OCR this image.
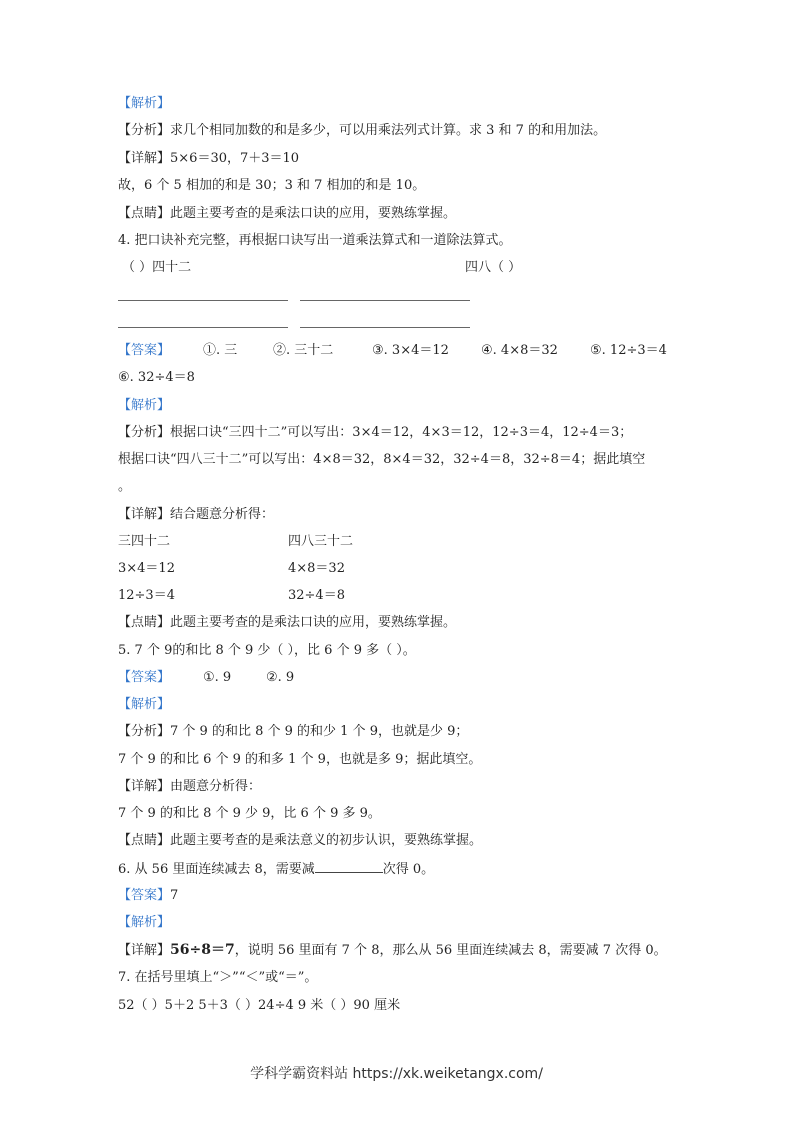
【解析】
【分析】求几个相同加数的和是多少，可以用乘法列式计算。求 3 和 7 的和用加法。
【详解】5×6＝30，7＋3＝10
故，6 个 5 相加的和是 30；3 和 7 相加的和是 10。
【点睛】此题主要考查的是乘法口诀的应用，要熟练掌握。
4. 把口诀补充完整，再根据口诀写出一道乘法算式和一道除法算式。
（ ）四十二	四八（ ）
【答案】	①. 三	②. 三十二	③. 3×4＝12 ④. 4×8＝32 ⑤. 12÷3＝4
⑥. 32÷4＝8
【解析】
【分析】根据口诀“三四十二”可以写出：3×4＝12，4×3＝12，12÷3＝4，12÷4＝3；
根据口诀“四八三十二”可以写出：4×8＝32，8×4＝32，32÷4＝8，32÷8＝4；据此填空
。
【详解】结合题意分析得：
三四十二	四八三十二
3×4＝12	4×8＝32
12÷3＝4	32÷4＝8
【点睛】此题主要考查的是乘法口诀的应用，要熟练掌握。
5. 7 个 9的和比 8 个 9 少（ ），比 6 个 9 多（ ）。
【答案】	①. 9	②. 9
【解析】
【分析】7 个 9 的和比 8 个 9 的和少 1 个 9，也就是少 9；
7 个 9 的和比 6 个 9 的和多 1 个 9，也就是多 9；据此填空。
【详解】由题意分析得：
7 个 9 的和比 8 个 9 少 9，比 6 个 9 多 9。
【点睛】此题主要考查的是乘法意义的初步认识，要熟练掌握。
6. 从 56 里面连续减去 8，需要减	次得 0。
【答案】7
【解析】
【详解】56÷8＝7，说明 56 里面有 7 个 8，那么从 56 里面连续减去 8，需要减 7 次得 0。
7. 在括号里填上“＞”“＜”或“＝”。
52（ ）5＋2 5＋3（ ）24÷4 9 米（ ）90 厘米
学科学霸资料站 https://xk.weiketangx.com/
